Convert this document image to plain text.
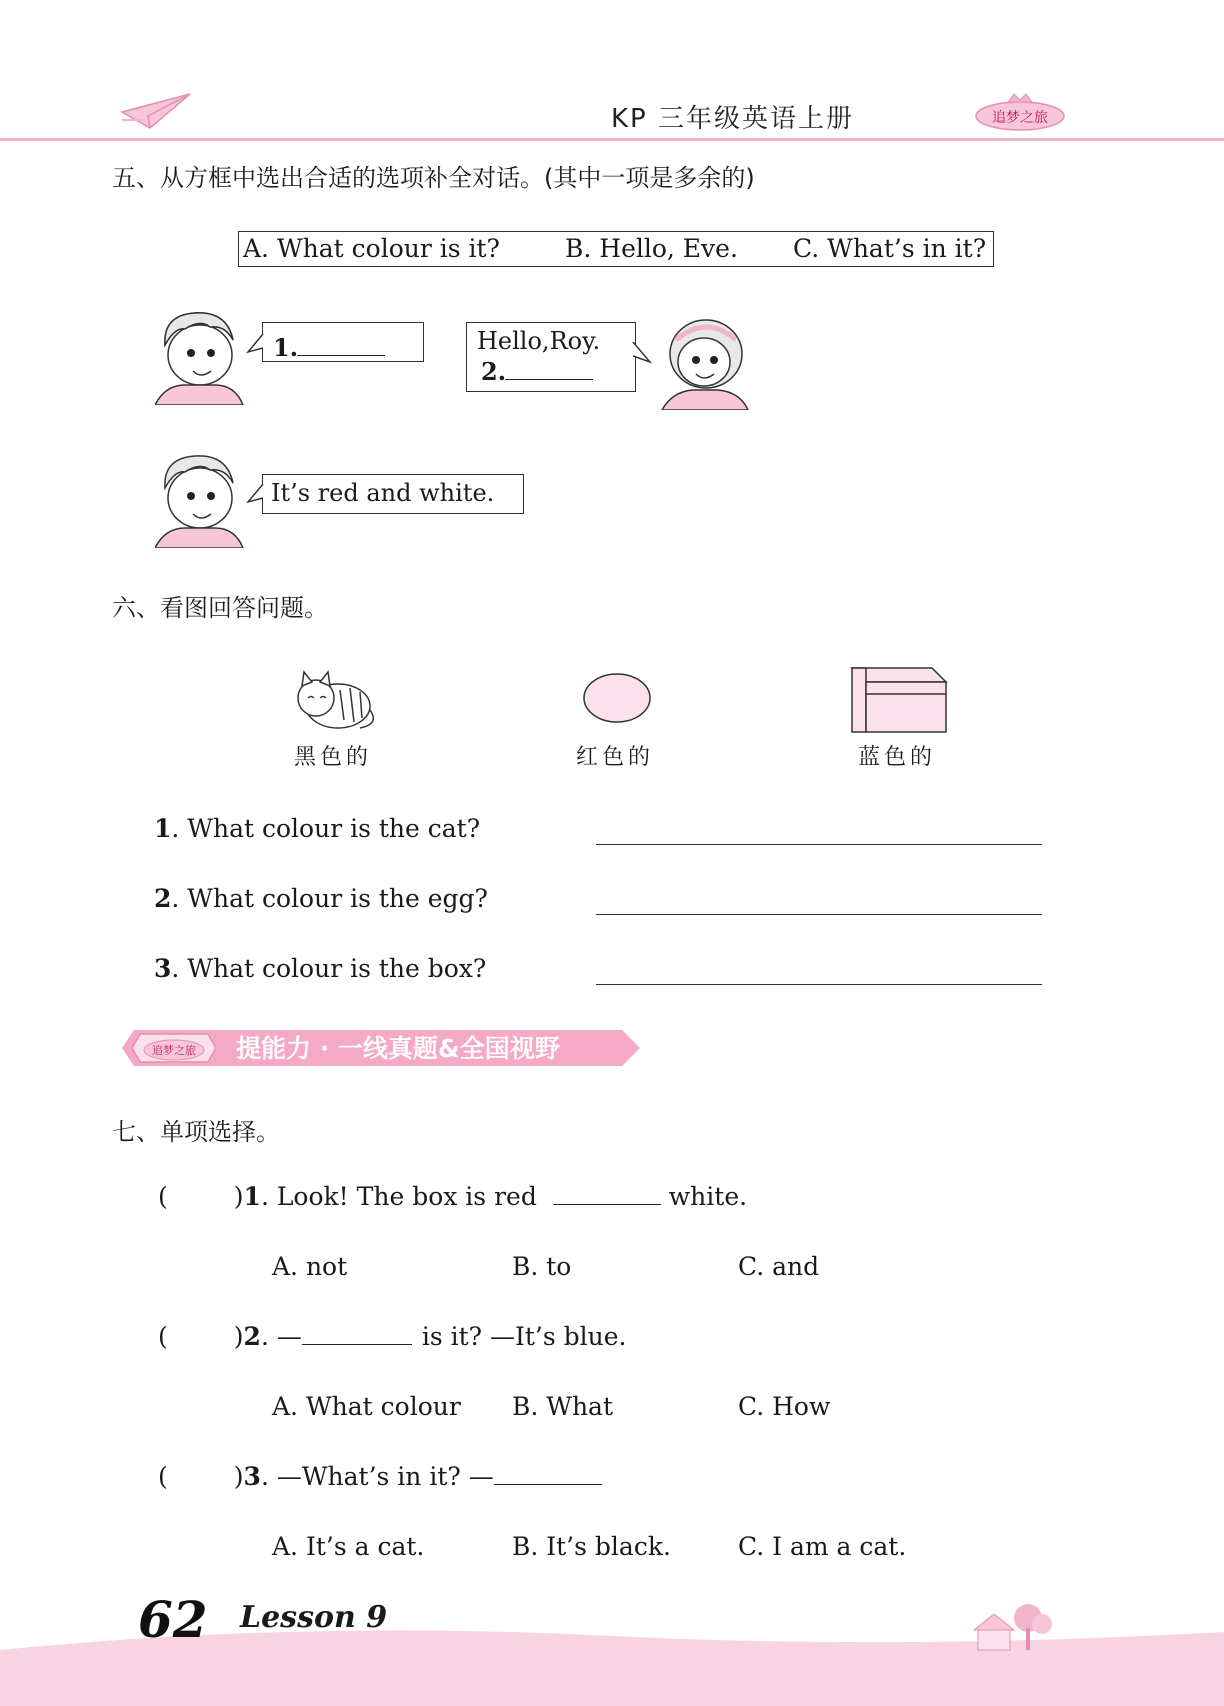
KP 三年级英语上册	追梦之旅
五、从方框中选出合适的选项补全对话。(其中一项是多余的)
A. What colour is it?	B. Hello, Eve. C. What’s in it?
1.	Hello,Roy.
2.
It’s red and white.
六、看图回答问题。
黑色的	红色的	蓝色的
1. What colour is the cat?
2. What colour is the egg?
3. What colour is the box?
追梦之旅 提能力 · 一线真题&全国视野
七、单项选择。
(	)1. Look! The box is red	white.
A. not	B. to	C. and
(	)2. —	is it? —It’s blue.
A. What colour B. What	C. How
(	)3. —What’s in it? —
A. It’s a cat.	B. It’s black.	C. I am a cat.
62 Lesson 9
